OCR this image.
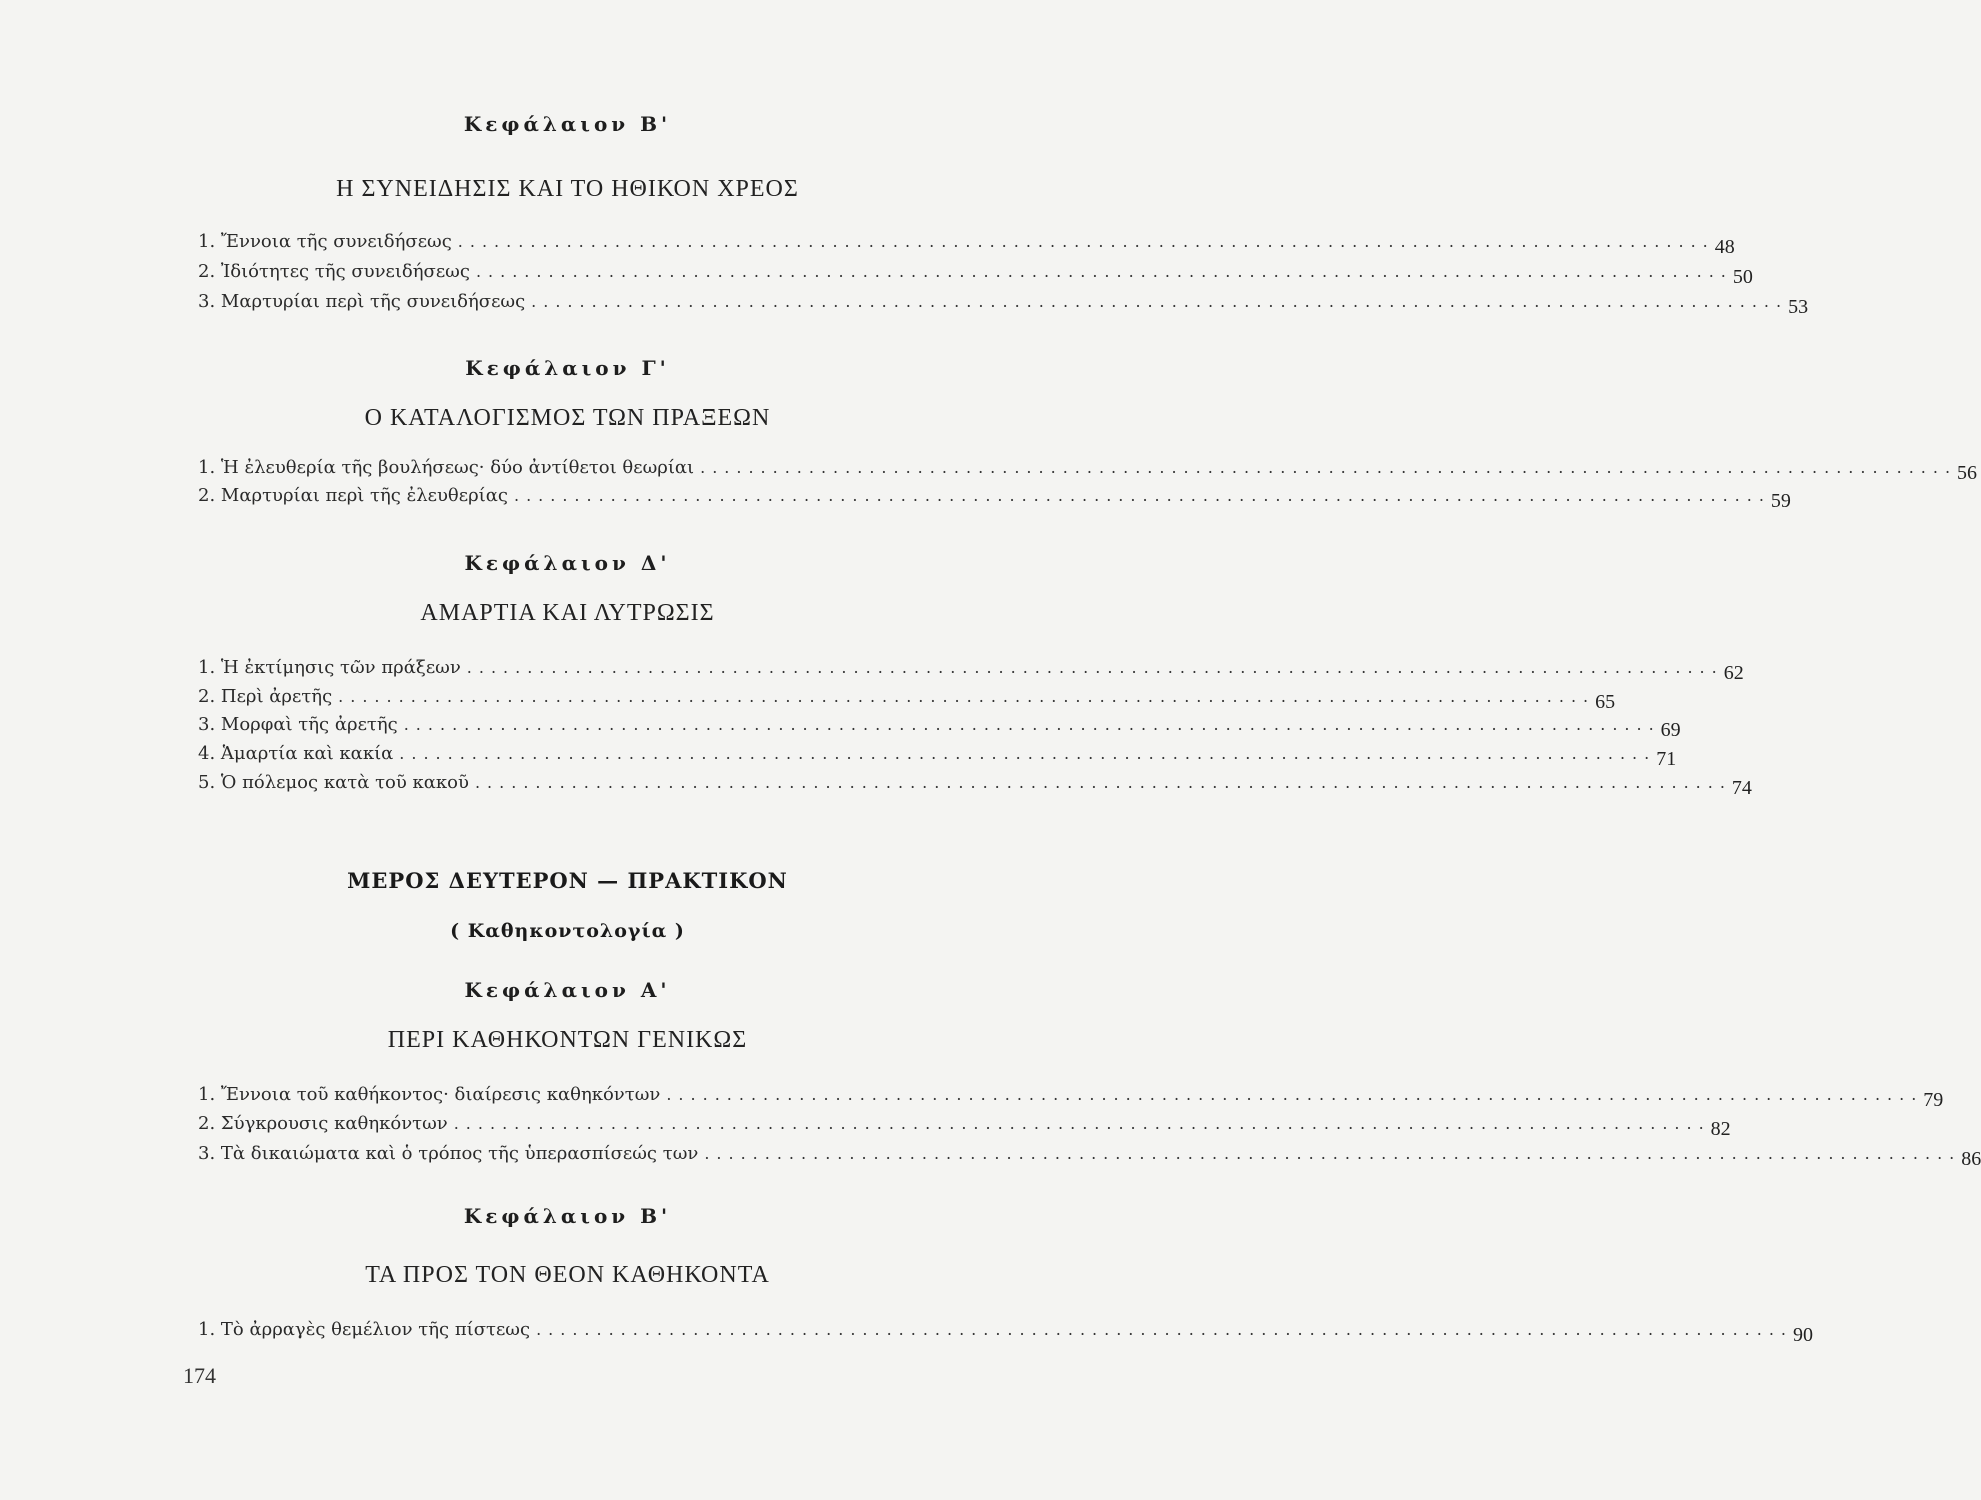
Κεφάλαιον Β'
Η ΣΥΝΕΙΔΗΣΙΣ ΚΑΙ ΤΟ ΗΘΙΚΟΝ ΧΡΕΟΣ
1. Ἔννοια τῆς συνειδήσεως ........................................................................................................ 48
2. Ἰδιότητες τῆς συνειδήσεως ........................................................................................................ 50
3. Μαρτυρίαι περὶ τῆς συνειδήσεως ........................................................................................................ 53
Κεφάλαιον Γ'
Ο ΚΑΤΑΛΟΓΙΣΜΟΣ ΤΩΝ ΠΡΑΞΕΩΝ
1. Ἡ ἐλευθερία τῆς βουλήσεως· δύο ἀντίθετοι θεωρίαι ........................................................................................................ 56
2. Μαρτυρίαι περὶ τῆς ἐλευθερίας ........................................................................................................ 59
Κεφάλαιον Δ'
ΑΜΑΡΤΙΑ ΚΑΙ ΛΥΤΡΩΣΙΣ
1. Ἡ ἐκτίμησις τῶν πράξεων ........................................................................................................ 62
2. Περὶ ἀρετῆς ........................................................................................................ 65
3. Μορφαὶ τῆς ἀρετῆς ........................................................................................................ 69
4. Ἁμαρτία καὶ κακία ........................................................................................................ 71
5. Ὁ πόλεμος κατὰ τοῦ κακοῦ ........................................................................................................ 74
ΜΕΡΟΣ ΔΕΥΤΕΡΟΝ — ΠΡΑΚΤΙΚΟΝ
( Καθηκοντολογία )
Κεφάλαιον Α'
ΠΕΡΙ ΚΑΘΗΚΟΝΤΩΝ ΓΕΝΙΚΩΣ
1. Ἔννοια τοῦ καθήκοντος· διαίρεσις καθηκόντων ........................................................................................................ 79
2. Σύγκρουσις καθηκόντων ........................................................................................................ 82
3. Τὰ δικαιώματα καὶ ὁ τρόπος τῆς ὑπερασπίσεώς των ........................................................................................................ 86
Κεφάλαιον Β'
ΤΑ ΠΡΟΣ ΤΟΝ ΘΕΟΝ ΚΑΘΗΚΟΝΤΑ
1. Τὸ ἀρραγὲς θεμέλιον τῆς πίστεως ........................................................................................................ 90
174
